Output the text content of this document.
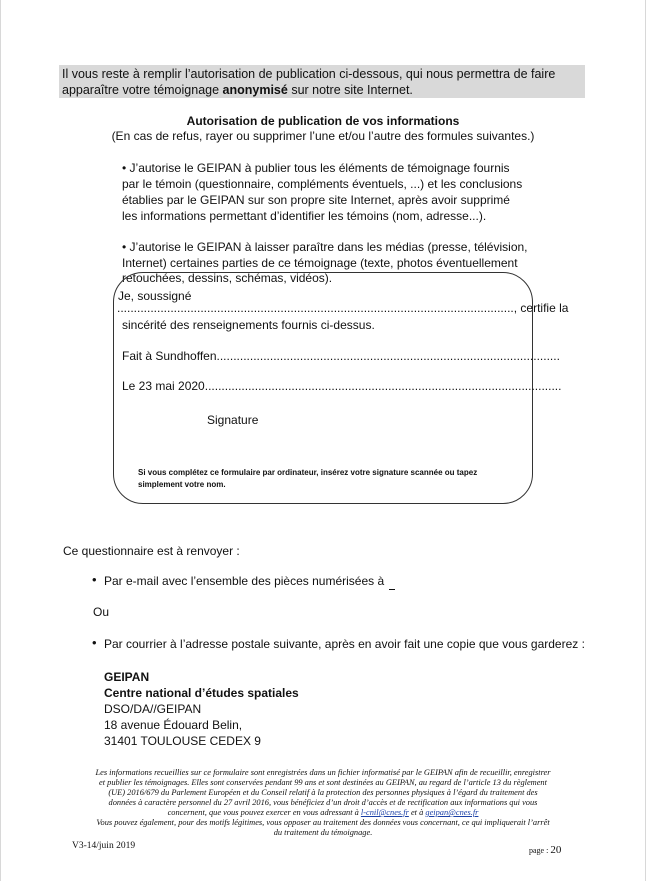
Il vous reste à remplir l’autorisation de publication ci-dessous, qui nous permettra de faire
apparaître votre témoignage anonymisé sur notre site Internet.
Autorisation de publication de vos informations
(En cas de refus, rayer ou supprimer l’une et/ou l’autre des formules suivantes.)
• J’autorise le GEIPAN à publier tous les éléments de témoignage fournis
par le témoin (questionnaire, compléments éventuels, ...) et les conclusions
établies par le GEIPAN sur son propre site Internet, après avoir supprimé
les informations permettant d’identifier les témoins (nom, adresse...).
• J’autorise le GEIPAN à laisser paraître dans les médias (presse, télévision,
Internet) certaines parties de ce témoignage (texte, photos éventuellement
retouchées, dessins, schémas, vidéos).
Je, soussigné
......................................................................................................................., certifie la
sincérité des renseignements fournis ci-dessus.
Fait à Sundhoffen.......................................................................................................
Le 23 mai 2020...........................................................................................................
Signature
Si vous complétez ce formulaire par ordinateur, insérez votre signature scannée ou tapez
simplement votre nom.
Ce questionnaire est à renvoyer :
• Par e-mail avec l’ensemble des pièces numérisées à
Ou
• Par courrier à l’adresse postale suivante, après en avoir fait une copie que vous garderez :
GEIPAN
Centre national d’études spatiales
DSO/DA//GEIPAN
18 avenue Édouard Belin,
31401 TOULOUSE CEDEX 9
Les informations recueillies sur ce formulaire sont enregistrées dans un fichier informatisé par le GEIPAN afin de recueillir, enregistrer
et publier les témoignages. Elles sont conservées pendant 99 ans et sont destinées au GEIPAN, au regard de l’article 13 du règlement
(UE) 2016/679 du Parlement Européen et du Conseil relatif à la protection des personnes physiques à l’égard du traitement des
données à caractère personnel du 27 avril 2016, vous bénéficiez d’un droit d’accès et de rectification aux informations qui vous
concernent, que vous pouvez exercer en vous adressant à l-cnil@cnes.fr et à geipan@cnes.fr
Vous pouvez également, pour des motifs légitimes, vous opposer au traitement des données vous concernant, ce qui impliquerait l’arrêt
du traitement du témoignage.
V3-14/juin 2019	page : 20
